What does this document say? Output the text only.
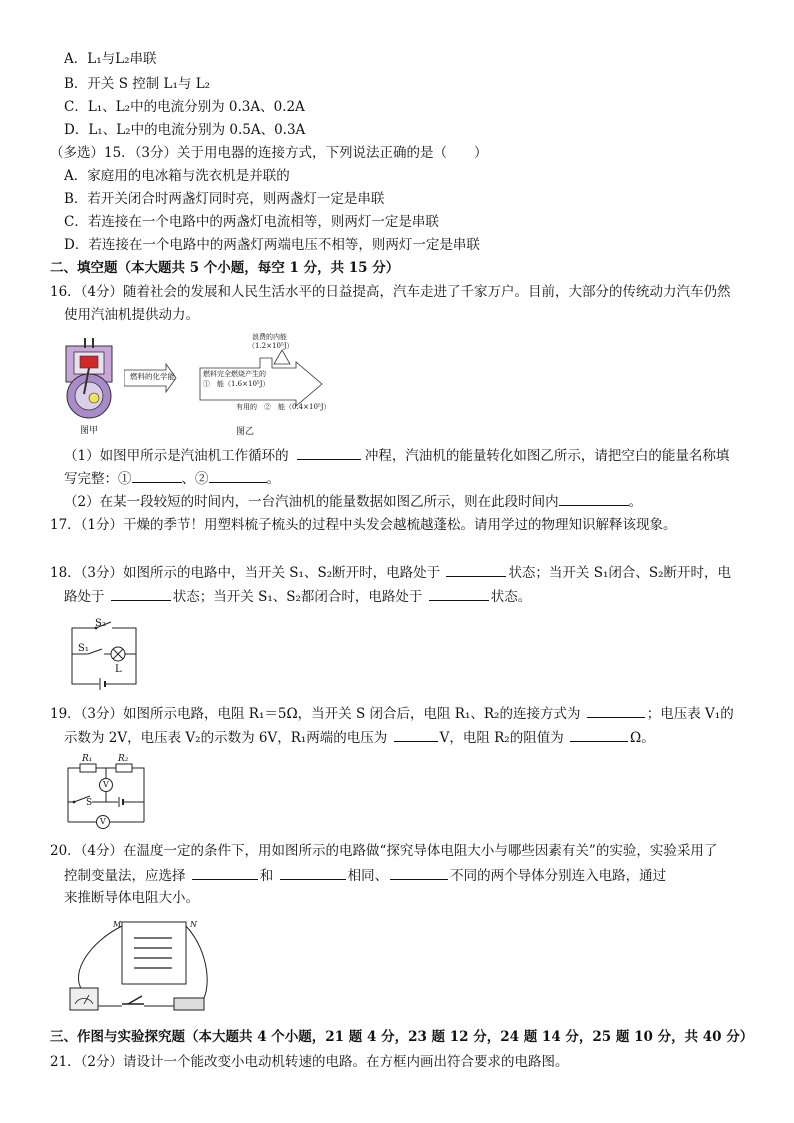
A．L₁与L₂串联
B．开关 S 控制 L₁与 L₂
C．L₁、L₂中的电流分别为 0.3A、0.2A
D．L₁、L₂中的电流分别为 0.5A、0.3A
（多选）15．（3分）关于用电器的连接方式，下列说法正确的是（　　）
A．家庭用的电冰箱与洗衣机是并联的
B．若开关闭合时两盏灯同时亮，则两盏灯一定是串联
C．若连接在一个电路中的两盏灯电流相等，则两灯一定是串联
D．若连接在一个电路中的两盏灯两端电压不相等，则两灯一定是串联
二、填空题（本大题共 5 个小题，每空 1 分，共 15 分）
16．（4分）随着社会的发展和人民生活水平的日益提高，汽车走进了千家万户。目前，大部分的传统动力汽车仍然
使用汽油机提供动力。
图甲
燃料的化学能	燃料完全燃烧产生的
①　能（1.6×10⁵J）
浪费的内能
（1.2×10⁵J）
有用的　②　能（0.4×10⁵J）
图乙
（1）如图甲所示是汽油机工作循环的	冲程，汽油机的能量转化如图乙所示，请把空白的能量名称填
写完整：①	、②	。
（2）在某一段较短的时间内，一台汽油机的能量数据如图乙所示，则在此段时间内	。
17．（1分）干燥的季节！用塑料梳子梳头的过程中头发会越梳越蓬松。请用学过的物理知识解释该现象。
18．（3分）如图所示的电路中，当开关 S₁、S₂断开时，电路处于	状态；当开关 S₁闭合、S₂断开时，电
路处于	状态；当开关 S₁、S₂都闭合时，电路处于	状态。
S₂
S₁
L
19．（3分）如图所示电路，电阻 R₁＝5Ω，当开关 S 闭合后，电阻 R₁、R₂的连接方式为	；电压表 V₁的
示数为 2V，电压表 V₂的示数为 6V，R₁两端的电压为	V，电阻 R₂的阻值为	Ω。
R₁	R₂
V
S
V
20．（4分）在温度一定的条件下，用如图所示的电路做“探究导体电阻大小与哪些因素有关”的实验，实验采用了
控制变量法，应选择	和	相同、	不同的两个导体分别连入电路，通过
来推断导体电阻大小。
M	N
三、作图与实验探究题（本大题共 4 个小题，21 题 4 分，23 题 12 分，24 题 14 分，25 题 10 分，共 40 分）
21．（2分）请设计一个能改变小电动机转速的电路。在方框内画出符合要求的电路图。
